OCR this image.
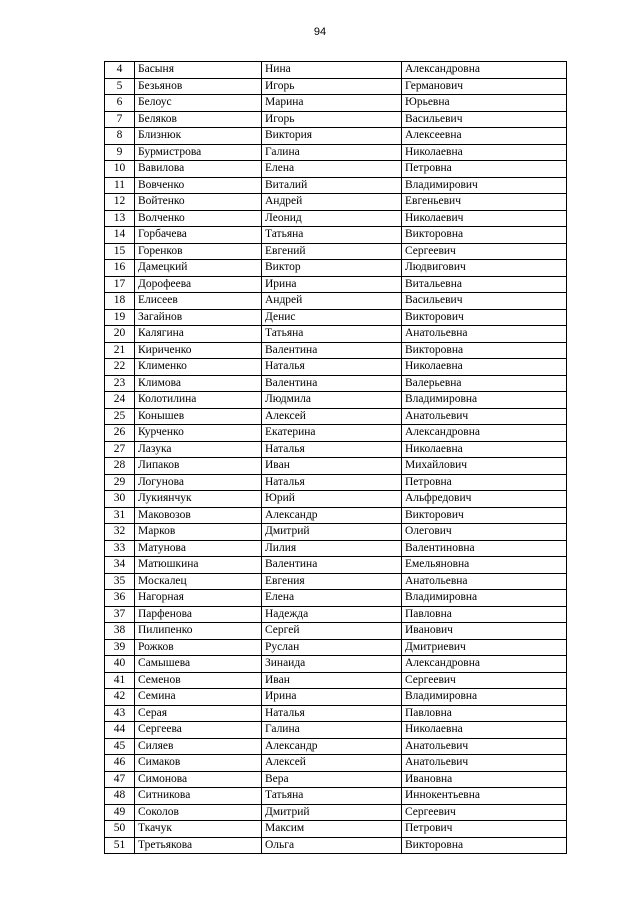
94
4	Басыня	Нина	Александровна
5	Безьянов	Игорь	Германович
6	Белоус	Марина	Юрьевна
7	Беляков	Игорь	Васильевич
8	Близнюк	Виктория	Алексеевна
9	Бурмистрова	Галина	Николаевна
10	Вавилова	Елена	Петровна
11	Вовченко	Виталий	Владимирович
12	Войтенко	Андрей	Евгеньевич
13	Волченко	Леонид	Николаевич
14	Горбачева	Татьяна	Викторовна
15	Горенков	Евгений	Сергеевич
16	Дамецкий	Виктор	Людвигович
17	Дорофеева	Ирина	Витальевна
18	Елисеев	Андрей	Васильевич
19	Загайнов	Денис	Викторович
20	Калягина	Татьяна	Анатольевна
21	Кириченко	Валентина	Викторовна
22	Клименко	Наталья	Николаевна
23	Климова	Валентина	Валерьевна
24	Колотилина	Людмила	Владимировна
25	Конышев	Алексей	Анатольевич
26	Курченко	Екатерина	Александровна
27	Лазука	Наталья	Николаевна
28	Липаков	Иван	Михайлович
29	Логунова	Наталья	Петровна
30	Лукиянчук	Юрий	Альфредович
31	Маковозов	Александр	Викторович
32	Марков	Дмитрий	Олегович
33	Матунова	Лилия	Валентиновна
34	Матюшкина	Валентина	Емельяновна
35	Москалец	Евгения	Анатольевна
36	Нагорная	Елена	Владимировна
37	Парфенова	Надежда	Павловна
38	Пилипенко	Сергей	Иванович
39	Рожков	Руслан	Дмитриевич
40	Самышева	Зинаида	Александровна
41	Семенов	Иван	Сергеевич
42	Семина	Ирина	Владимировна
43	Серая	Наталья	Павловна
44	Сергеева	Галина	Николаевна
45	Силяев	Александр	Анатольевич
46	Симаков	Алексей	Анатольевич
47	Симонова	Вера	Ивановна
48	Ситникова	Татьяна	Иннокентьевна
49	Соколов	Дмитрий	Сергеевич
50	Ткачук	Максим	Петрович
51	Третьякова	Ольга	Викторовна
